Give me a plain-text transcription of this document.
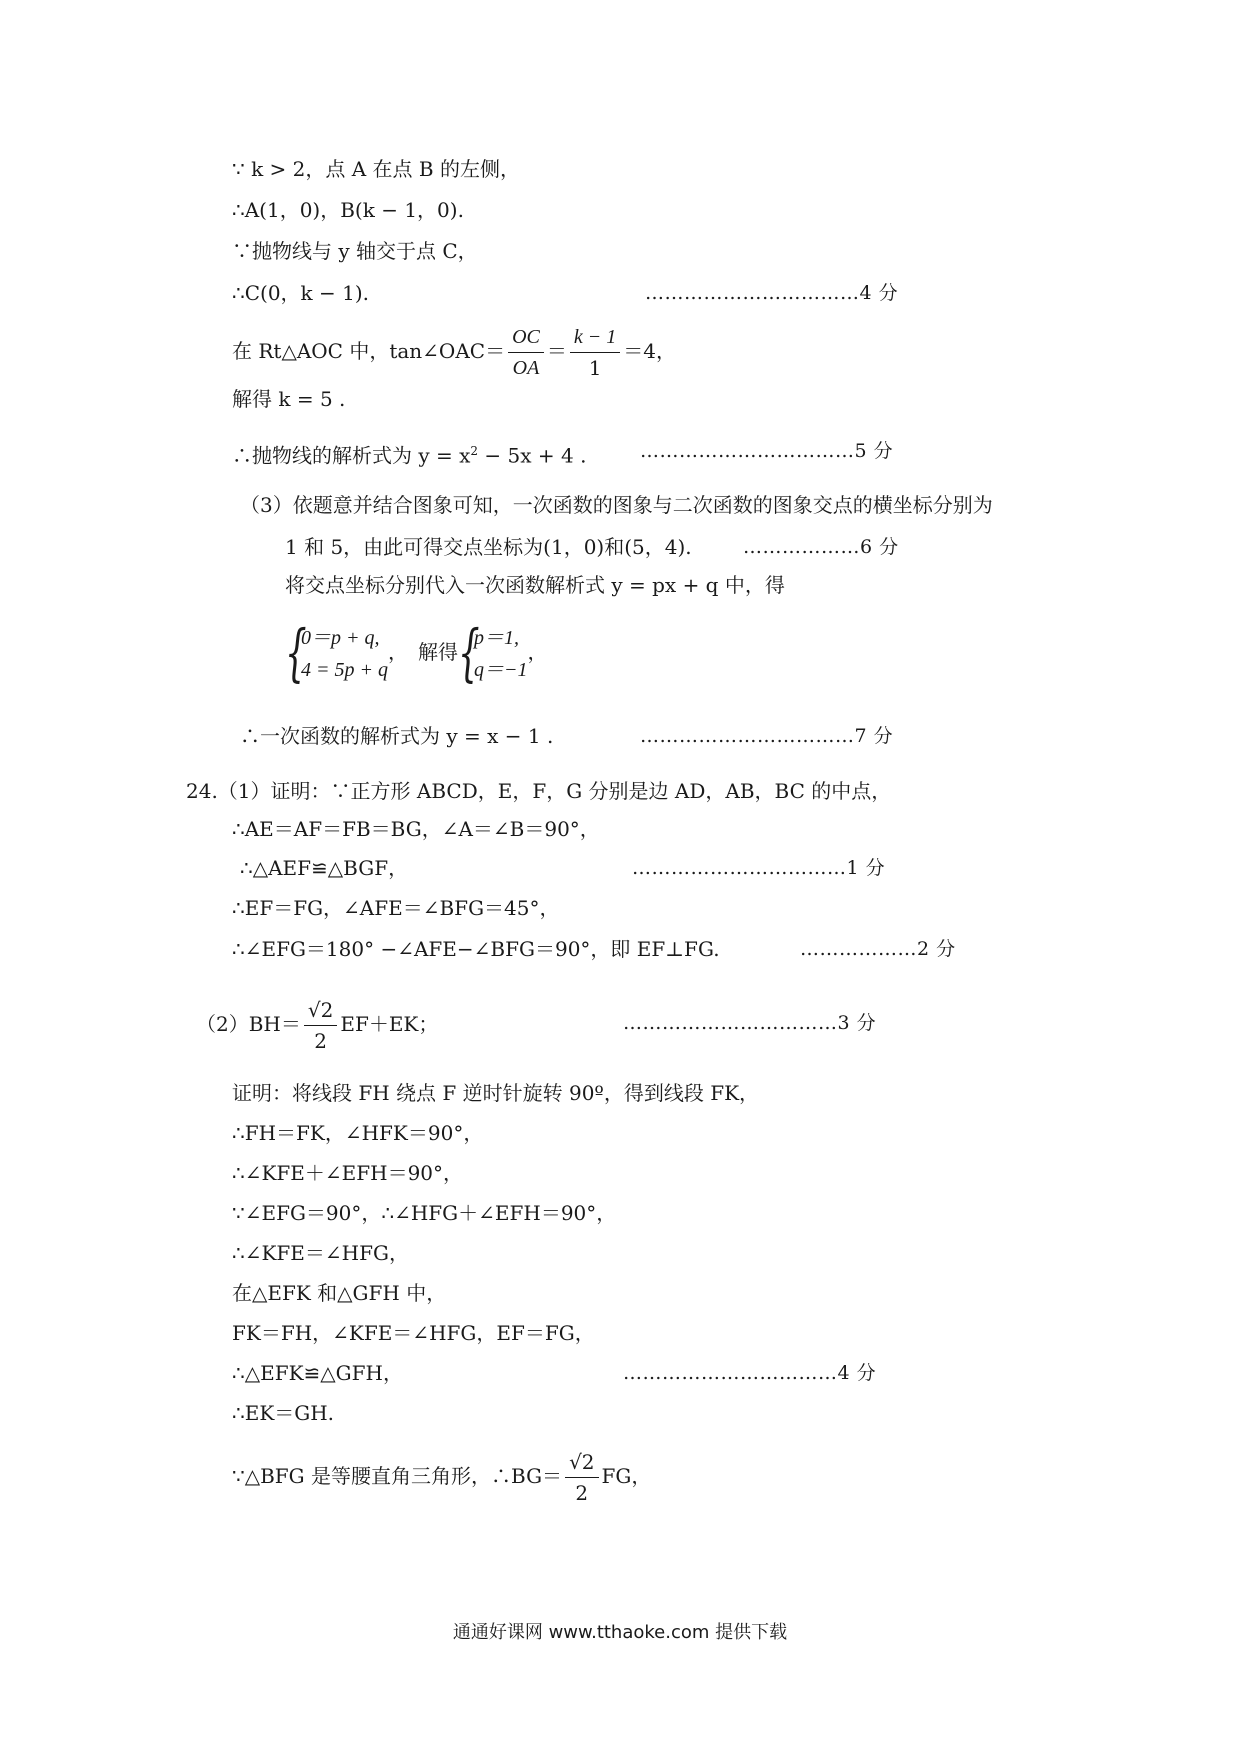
∵ k > 2，点 A 在点 B 的左侧，
∴A(1，0)，B(k − 1，0).
∵抛物线与 y 轴交于点 C，
∴C(0，k − 1).	……………………………4 分
在 Rt△AOC 中，tan∠OAC＝ $\frac{OC}{OA} = \frac{k - 1}{1} =4$，
解得 k = 5 .
∴抛物线的解析式为 $y = x^2 - 5x + 4$ .	……………………………5 分
（3）依题意并结合图象可知，一次函数的图象与二次函数的图象交点的横坐标分别为
1 和 5，由此可得交点坐标为(1，0)和(5，4).	………………6 分
将交点坐标分别代入一次函数解析式 y = px + q 中，得
{
0＝p + q,
4 = 5p + q
，　解得 {
p＝1,
q＝−1
，
∴一次函数的解析式为 y = x − 1 .	……………………………7 分
24.（1）证明：∵正方形 ABCD，E，F，G 分别是边 AD，AB，BC 的中点，
∴AE＝AF＝FB＝BG，∠A＝∠B＝90°，
∴△AEF≌△BGF，	……………………………1 分
∴EF＝FG，∠AFE＝∠BFG＝45°，
∴∠EFG＝180° −∠AFE−∠BFG＝90°，即 EF⊥FG.	………………2 分
$(2)BH= \frac{√2}{2} EF+EK$；	……………………………3 分
证明：将线段 FH 绕点 F 逆时针旋转 90º，得到线段 FK，
∴FH＝FK，∠HFK＝90°，
∴∠KFE＋∠EFH＝90°，
∵∠EFG＝90°，∴∠HFG＋∠EFH＝90°，
∴∠KFE＝∠HFG，
在△EFK 和△GFH 中，
FK＝FH，∠KFE＝∠HFG，EF＝FG，
∴△EFK≌△GFH，	……………………………4 分
∴EK＝GH.
∵△BFG 是等腰直角三角形，∴BG＝ $\frac{√2}{2}$ FG，
通通好课网 www.tthaoke.com 提供下载
